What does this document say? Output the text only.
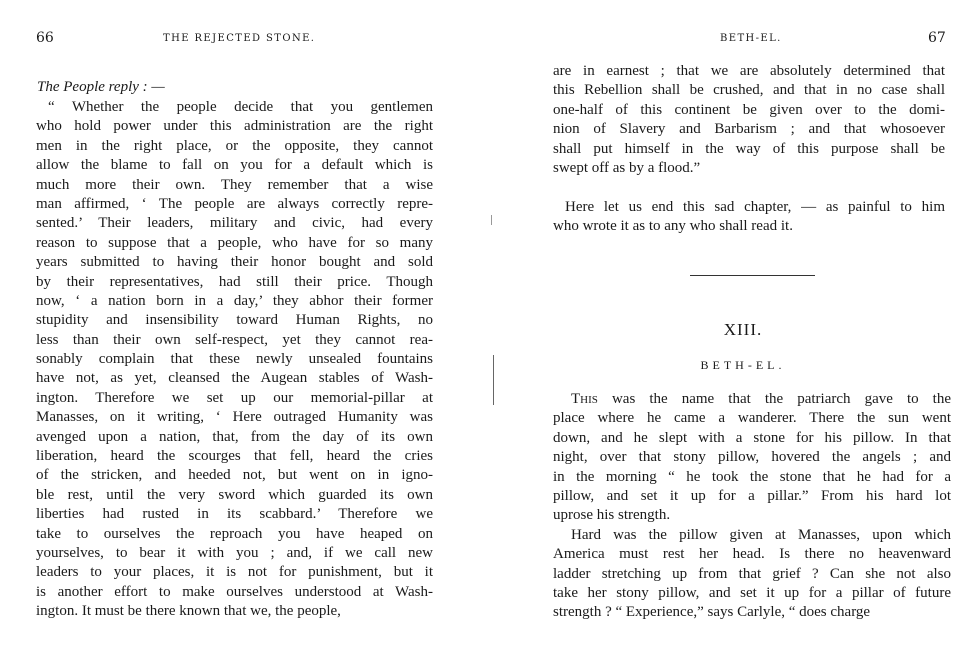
66	THE REJECTED STONE.
The People reply : —
“ Whether the people decide that you gentlemen
who hold power under this administration are the right
men in the right place, or the opposite, they cannot
allow the blame to fall on you for a default which is
much more their own. They remember that a wise
man affirmed, ‘ The people are always correctly repre-
sented.’ Their leaders, military and civic, had every
reason to suppose that a people, who have for so many
years submitted to having their honor bought and sold
by their representatives, had still their price. Though
now, ‘ a nation born in a day,’ they abhor their former
stupidity and insensibility toward Human Rights, no
less than their own self-respect, yet they cannot rea-
sonably complain that these newly unsealed fountains
have not, as yet, cleansed the Augean stables of Wash-
ington. Therefore we set up our memorial-pillar at
Manasses, on it writing, ‘ Here outraged Humanity was
avenged upon a nation, that, from the day of its own
liberation, heard the scourges that fell, heard the cries
of the stricken, and heeded not, but went on in igno-
ble rest, until the very sword which guarded its own
liberties had rusted in its scabbard.’ Therefore we
take to ourselves the reproach you have heaped on
yourselves, to bear it with you ; and, if we call new
leaders to your places, it is not for punishment, but it
is another effort to make ourselves understood at Wash-
ington. It must be there known that we, the people,
BETH-EL.	67
are in earnest ; that we are absolutely determined that
this Rebellion shall be crushed, and that in no case shall
one-half of this continent be given over to the domi-
nion of Slavery and Barbarism ; and that whosoever
shall put himself in the way of this purpose shall be
swept off as by a flood.”
Here let us end this sad chapter, — as painful to him
who wrote it as to any who shall read it.
XIII.
BETH-EL.
This was the name that the patriarch gave to the
place where he came a wanderer. There the sun went
down, and he slept with a stone for his pillow. In that
night, over that stony pillow, hovered the angels ; and
in the morning “ he took the stone that he had for a
pillow, and set it up for a pillar.” From his hard lot
uprose his strength.
Hard was the pillow given at Manasses, upon which
America must rest her head. Is there no heavenward
ladder stretching up from that grief ? Can she not also
take her stony pillow, and set it up for a pillar of future
strength ? “ Experience,” says Carlyle, “ does charge
